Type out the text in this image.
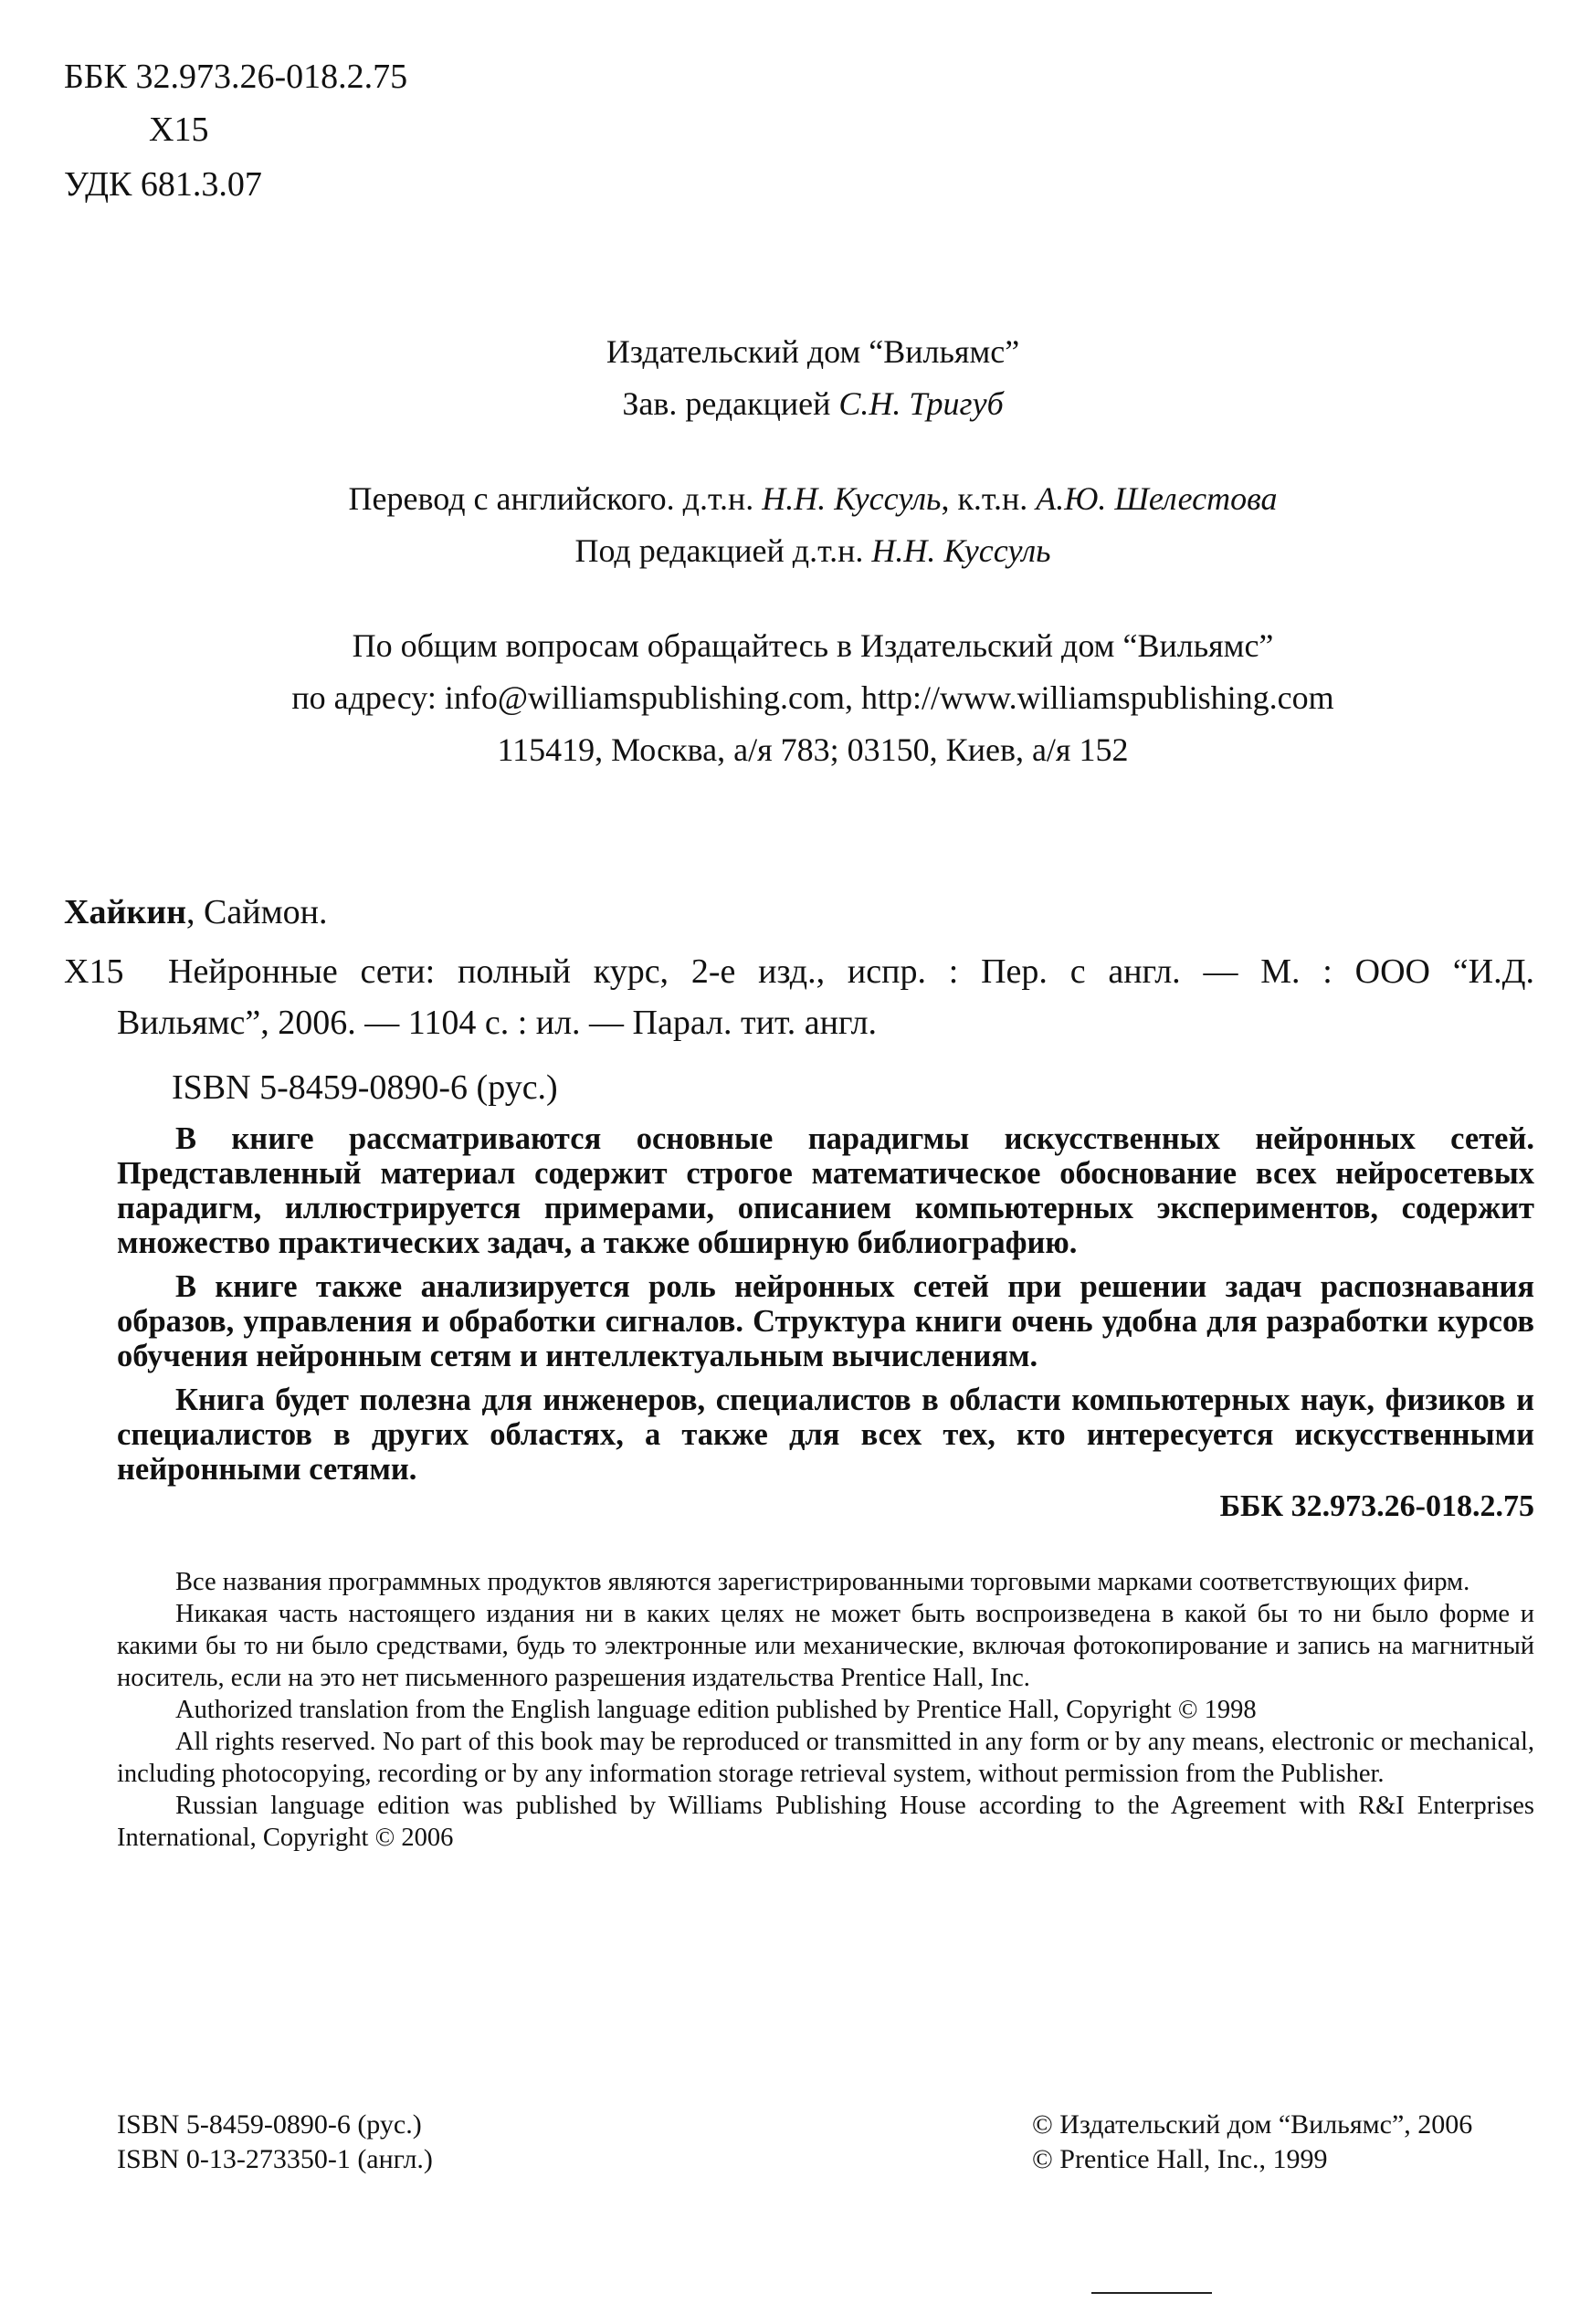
ББК 32.973.26-018.2.75
Х15
УДК 681.3.07
Издательский дом “Вильямс”
Зав. редакцией С.Н. Тригуб
Перевод с английского. д.т.н. Н.Н. Куссуль, к.т.н. А.Ю. Шелестова
Под редакцией д.т.н. Н.Н. Куссуль
По общим вопросам обращайтесь в Издательский дом “Вильямс”
по адресу: info@williamspublishing.com, http://www.williamspublishing.com
115419, Москва, а/я 783; 03150, Киев, а/я 152
Хайкин, Саймон.
Х15 Нейронные сети: полный курс, 2-е изд., испр. : Пер. с англ. — М. : ООО “И.Д.
Вильямс”, 2006. — 1104 с. : ил. — Парал. тит. англ.
ISBN 5-8459-0890-6 (рус.)

В книге рассматриваются основные парадигмы искусственных нейронных сетей. Представленный материал содержит строгое математическое обоснование всех нейросетевых парадигм, иллюстрируется примерами, описанием компьютерных экспериментов, содержит множество практических задач, а также обширную библиографию.

В книге также анализируется роль нейронных сетей при решении задач распознавания образов, управления и обработки сигналов. Структура книги очень удобна для разработки курсов обучения нейронным сетям и интеллектуальным вычислениям.

Книга будет полезна для инженеров, специалистов в области компьютерных наук, физиков и специалистов в других областях, а также для всех тех, кто интересуется искусственными нейронными сетями.

ББК 32.973.26-018.2.75

Все названия программных продуктов являются зарегистрированными торговыми марками соответствующих фирм.

Никакая часть настоящего издания ни в каких целях не может быть воспроизведена в какой бы то ни было форме и какими бы то ни было средствами, будь то электронные или механические, включая фотокопирование и запись на магнитный носитель, если на это нет письменного разрешения издательства Prentice Hall, Inc.

Authorized translation from the English language edition published by Prentice Hall, Copyright © 1998

All rights reserved. No part of this book may be reproduced or transmitted in any form or by any means, electronic or mechanical, including photocopying, recording or by any information storage retrieval system, without permission from the Publisher.

Russian language edition was published by Williams Publishing House according to the Agreement with R&I Enterprises International, Copyright © 2006

ISBN 5-8459-0890-6 (рус.)
ISBN 0-13-273350-1 (англ.)
© Издательский дом “Вильямс”, 2006
© Prentice Hall, Inc., 1999
